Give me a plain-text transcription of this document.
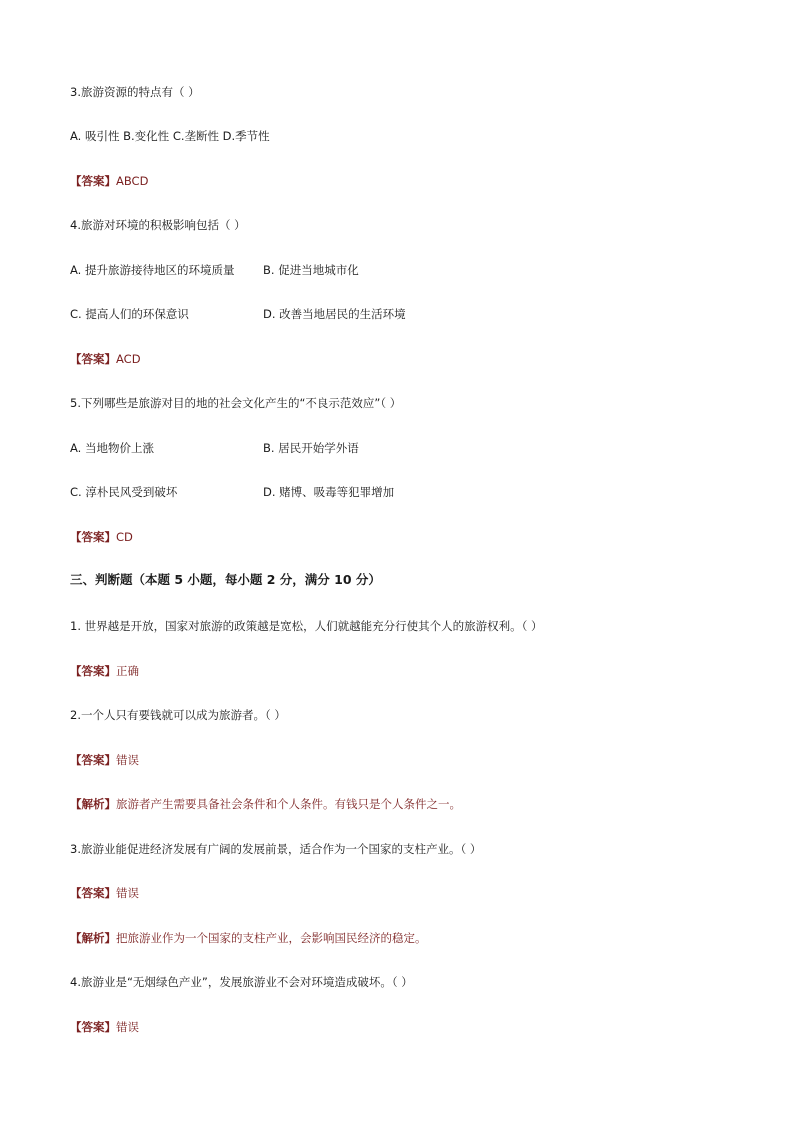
3.旅游资源的特点有（ ）
A. 吸引性 B.变化性 C.垄断性 D.季节性
【答案】ABCD
4.旅游对环境的积极影响包括（ ）
A. 提升旅游接待地区的环境质量 B. 促进当地城市化
C. 提高人们的环保意识	D. 改善当地居民的生活环境
【答案】ACD
5.下列哪些是旅游对目的地的社会文化产生的“不良示范效应”（ ）
A. 当地物价上涨	B. 居民开始学外语
C. 淳朴民风受到破坏	D. 赌博、吸毒等犯罪增加
【答案】CD
三、判断题（本题 5 小题，每小题 2 分，满分 10 分）
1. 世界越是开放，国家对旅游的政策越是宽松，人们就越能充分行使其个人的旅游权利。（ ）
【答案】正确
2.一个人只有要钱就可以成为旅游者。（ ）
【答案】错误
【解析】旅游者产生需要具备社会条件和个人条件。有钱只是个人条件之一。
3.旅游业能促进经济发展有广阔的发展前景，适合作为一个国家的支柱产业。（ ）
【答案】错误
【解析】把旅游业作为一个国家的支柱产业，会影响国民经济的稳定。
4.旅游业是“无烟绿色产业”，发展旅游业不会对环境造成破坏。（ ）
【答案】错误
